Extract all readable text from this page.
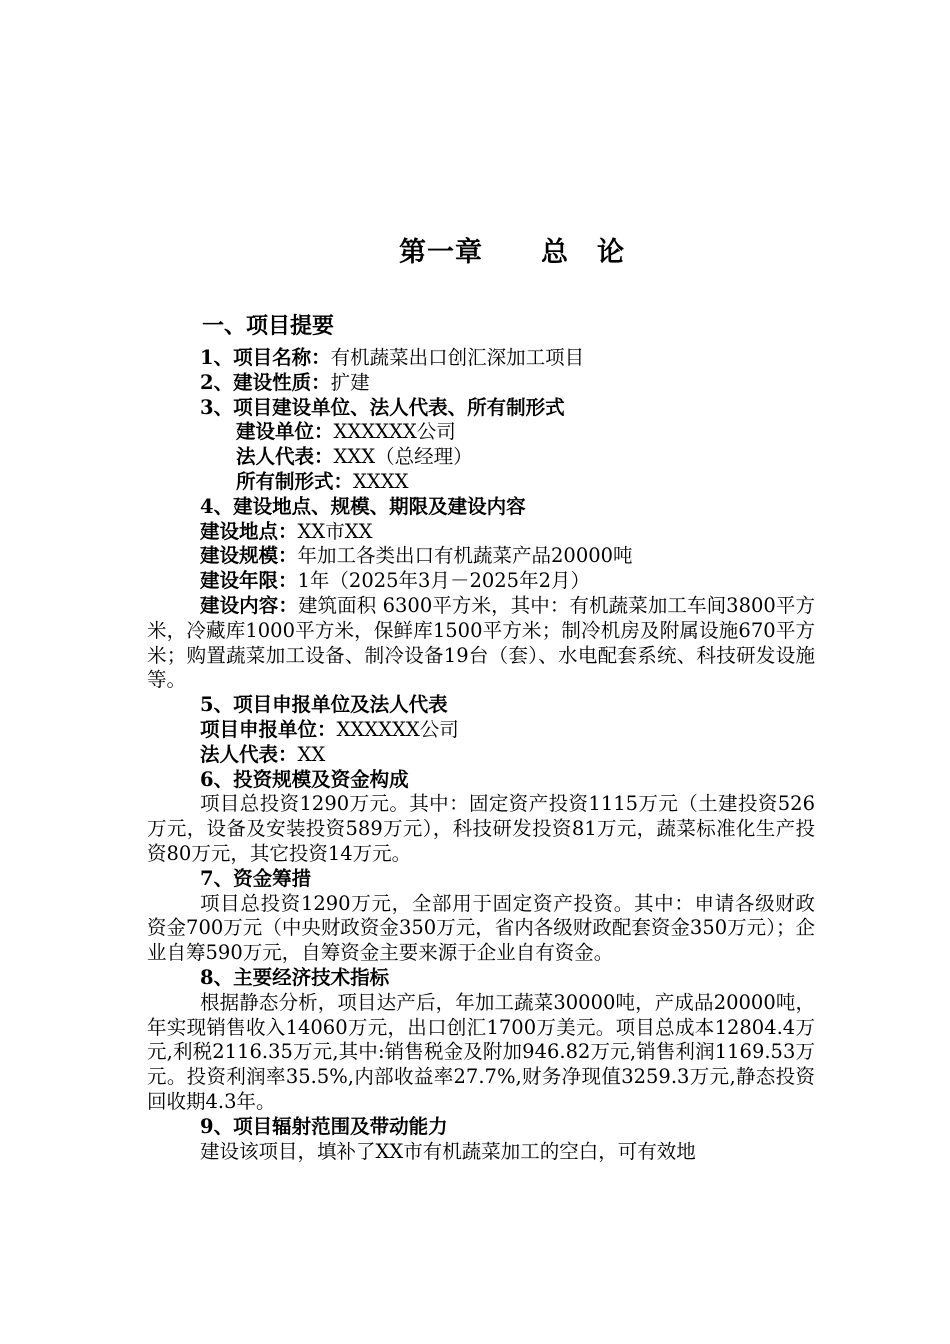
第一章 总　论
一、项目提要

1、项目名称：有机蔬菜出口创汇深加工项目

2、建设性质：扩建

3、项目建设单位、法人代表、所有制形式

建设单位：XXXXXX公司

法人代表：XXX（总经理）

所有制形式：XXXX

4、建设地点、规模、期限及建设内容

建设地点：XX市XX

建设规模：年加工各类出口有机蔬菜产品20000吨

建设年限：1年（2025年3月－2025年2月）

建设内容：建筑面积 6300平方米，其中：有机蔬菜加工车间3800平方米，冷藏库1000平方米，保鲜库1500平方米；制冷机房及附属设施670平方米；购置蔬菜加工设备、制冷设备19台（套）、水电配套系统、科技研发设施等。

5、项目申报单位及法人代表

项目申报单位：XXXXXX公司

法人代表：XX

6、投资规模及资金构成

项目总投资1290万元。其中：固定资产投资1115万元（土建投资526万元，设备及安装投资589万元），科技研发投资81万元，蔬菜标准化生产投资80万元，其它投资14万元。

7、资金筹措

项目总投资1290万元，全部用于固定资产投资。其中：申请各级财政资金700万元（中央财政资金350万元，省内各级财政配套资金350万元）；企业自筹590万元，自筹资金主要来源于企业自有资金。

8、主要经济技术指标

根据静态分析，项目达产后，年加工蔬菜30000吨，产成品20000吨，年实现销售收入14060万元，出口创汇1700万美元。项目总成本12804.4万元,利税2116.35万元,其中:销售税金及附加946.82万元,销售利润1169.53万元。投资利润率35.5%,内部收益率27.7%,财务净现值3259.3万元,静态投资回收期4.3年。

9、项目辐射范围及带动能力

建设该项目，填补了XX市有机蔬菜加工的空白，可有效地
